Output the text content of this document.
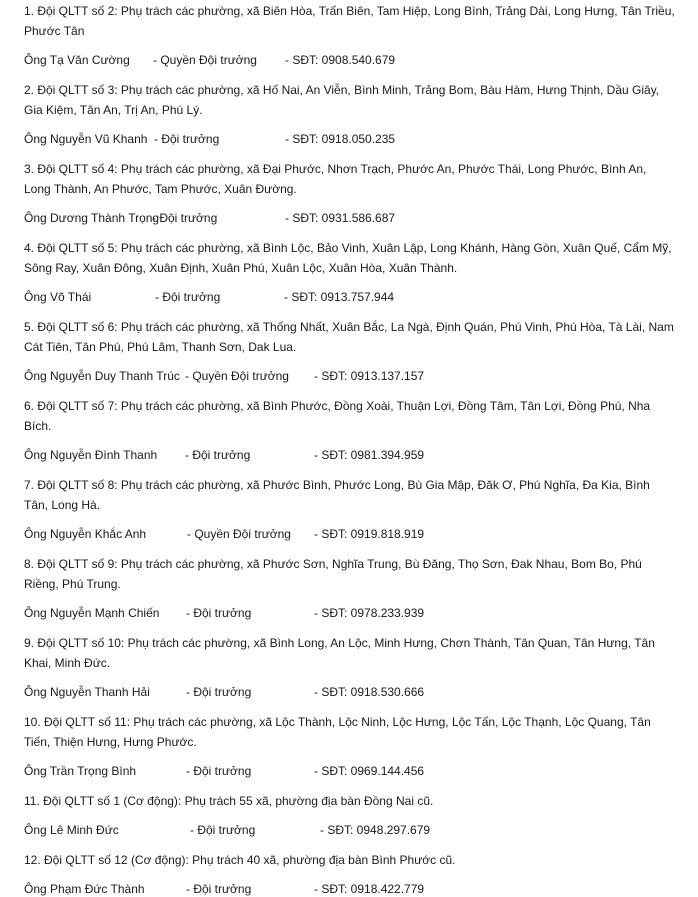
1. Đội QLTT số 2: Phụ trách các phường, xã Biên Hòa, Trấn Biên, Tam Hiệp, Long Bình, Trảng Dài, Long Hưng, Tân Triều, Phước Tân

Ông Tạ Văn Cường - Quyền Đội trưởng - SĐT: 0908.540.679

2. Đội QLTT số 3: Phụ trách các phường, xã Hố Nai, An Viễn, Bình Minh, Trảng Bom, Bàu Hàm, Hưng Thịnh, Dầu Giây, Gia Kiệm, Tân An, Trị An, Phú Lý.

Ông Nguyễn Vũ Khanh - Đội trưởng	- SĐT: 0918.050.235

3. Đội QLTT số 4: Phụ trách các phường, xã Đại Phước, Nhơn Trạch, Phước An, Phước Thái, Long Phước, Bình An, Long Thành, An Phước, Tam Phước, Xuân Đường.

Ông Dương Thành Trọng
- Đội trưởng	- SĐT: 0931.586.687

4. Đội QLTT số 5: Phụ trách các phường, xã Bình Lộc, Bảo Vinh, Xuân Lập, Long Khánh, Hàng Gòn, Xuân Quế, Cẩm Mỹ, Sông Ray, Xuân Đông, Xuân Định, Xuân Phú, Xuân Lộc, Xuân Hòa, Xuân Thành.

Ông Võ Thái	- Đội trưởng	- SĐT: 0913.757.944

5. Đội QLTT số 6: Phụ trách các phường, xã Thống Nhất, Xuân Bắc, La Ngà, Định Quán, Phú Vinh, Phú Hòa, Tà Lài, Nam Cát Tiên, Tân Phú, Phú Lâm, Thanh Sơn, Dak Lua.

Ông Nguyễn Duy Thanh Trúc - Quyền Đội trưởng - SĐT: 0913.137.157

6. Đội QLTT số 7: Phụ trách các phường, xã Bình Phước, Đồng Xoài, Thuận Lợi, Đồng Tâm, Tân Lợi, Đồng Phú, Nha Bích.

Ông Nguyễn Đình Thanh - Đội trưởng	- SĐT: 0981.394.959

7. Đội QLTT số 8: Phụ trách các phường, xã Phước Bình, Phước Long, Bù Gia Mập, Đăk Ơ, Phú Nghĩa, Đa Kia, Bình Tân, Long Hà.

Ông Nguyễn Khắc Anh	- Quyền Đội trưởng - SĐT: 0919.818.919

8. Đội QLTT số 9: Phụ trách các phường, xã Phước Sơn, Nghĩa Trung, Bù Đăng, Thọ Sơn, Đak Nhau, Bom Bo, Phú Riềng, Phú Trung.

Ông Nguyễn Mạnh Chiến - Đội trưởng	- SĐT: 0978.233.939

9. Đội QLTT số 10: Phụ trách các phường, xã Bình Long, An Lộc, Minh Hưng, Chơn Thành, Tân Quan, Tân Hưng, Tân Khai, Minh Đức.

Ông Nguyễn Thanh Hải	- Đội trưởng	- SĐT: 0918.530.666

10. Đội QLTT số 11: Phụ trách các phường, xã Lộc Thành, Lộc Ninh, Lộc Hưng, Lộc Tấn, Lộc Thạnh, Lộc Quang, Tân Tiến, Thiện Hưng, Hưng Phước.

Ông Trần Trọng Bình	- Đội trưởng	- SĐT: 0969.144.456

11. Đội QLTT số 1 (Cơ động): Phụ trách 55 xã, phường địa bàn Đồng Nai cũ.

Ông Lê Minh Đức	- Đội trưởng	- SĐT: 0948.297.679

12. Đội QLTT số 12 (Cơ động): Phụ trách 40 xã, phường địa bàn Bình Phước cũ.

Ông Phạm Đức Thành	- Đội trưởng	- SĐT: 0918.422.779
